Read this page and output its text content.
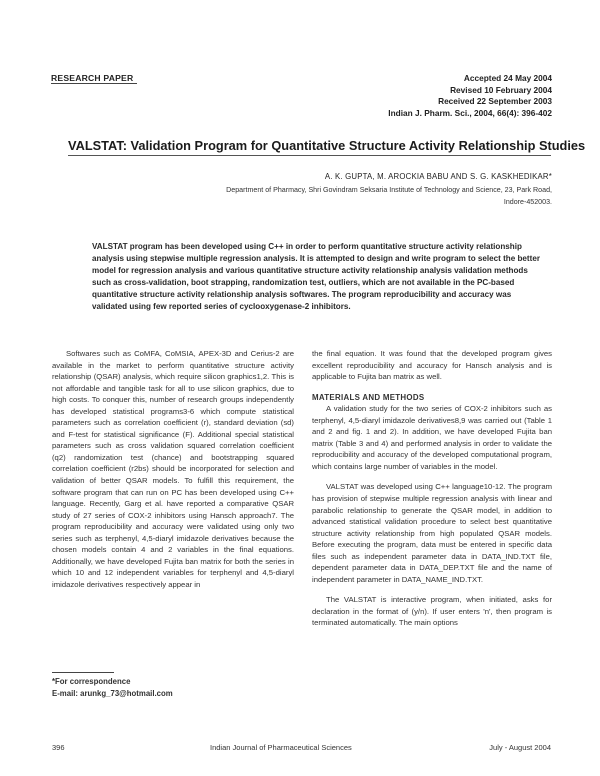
RESEARCH PAPER	Accepted 24 May 2004
Revised 10 February 2004
Received 22 September 2003
Indian J. Pharm. Sci., 2004, 66(4): 396-402
VALSTAT: Validation Program for Quantitative Structure Activity Relationship Studies
A. K. GUPTA, M. AROCKIA BABU AND S. G. KASKHEDIKAR*
Department of Pharmacy, Shri Govindram Seksaria Institute of Technology and Science, 23, Park Road, Indore-452003.
VALSTAT program has been developed using C++ in order to perform quantitative structure activity relationship analysis using stepwise multiple regression analysis. It is attempted to design and write program to select the better model for regression analysis and various quantitative structure activity relationship analysis validation methods such as cross-validation, boot strapping, randomization test, outliers, which are not available in the PC-based quantitative structure activity relationship analysis softwares. The program reproducibility and accuracy was validated using few reported series of cyclooxygenase-2 inhibitors.

Softwares such as CoMFA, CoMSIA, APEX-3D and Cerius-2 are available in the market to perform quantitative structure activity relationship (QSAR) analysis, which require silicon graphics1,2. This is not affordable and tangible task for all to use silicon graphics, due to high costs. To conquer this, number of research groups independently has developed statistical programs3-6 which compute statistical parameters such as correlation coefficient (r), standard deviation (sd) and F-test for statistical significance (F). Additional special statistical parameters such as cross validation squared correlation coefficient (q2) randomization test (chance) and bootstrapping squared correlation coefficient (r2bs) should be incorporated for selection and validation of better QSAR models. To fulfill this requirement, the software program that can run on PC has been developed using C++ language. Recently, Garg et al. have reported a comparative QSAR study of 27 series of COX-2 inhibitors using Hansch approach7. The program reproducibility and accuracy were validated using only two series such as terphenyl, 4,5-diaryl imidazole derivatives because the chosen models contain 4 and 2 variables in the final equations. Additionally, we have developed Fujita ban matrix for both the series in which 10 and 12 independent variables for terphenyl and 4,5-diaryl imidazole derivatives respectively appear in

the final equation. It was found that the developed program gives excellent reproducibility and accuracy for Hansch analysis and is applicable to Fujita ban matrix as well.

MATERIALS AND METHODS

A validation study for the two series of COX-2 inhibitors such as terphenyl, 4,5-diaryl imidazole derivatives8,9 was carried out (Table 1 and 2 and fig. 1 and 2). In addition, we have developed Fujita ban matrix (Table 3 and 4) and performed analysis in order to validate the reproducibility and accuracy of the developed computational program, which contains large number of variables in the model.

VALSTAT was developed using C++ language10-12. The program has provision of stepwise multiple regression analysis with linear and parabolic relationship to generate the QSAR model, in addition to advanced statistical validation procedure to select best quantitative structure activity relationship from high populated QSAR models. Before executing the program, data must be entered in specific data files such as independent parameter data in DATA_IND.TXT file, dependent parameter data in DATA_DEP.TXT file and the name of independent parameter in DATA_NAME_IND.TXT.

The VALSTAT is interactive program, when initiated, asks for declaration in the format of (y/n). If user enters 'n', then program is terminated automatically. The main options

*For correspondence
E-mail: arunkg_73@hotmail.com
396	Indian Journal of Pharmaceutical Sciences	July - August 2004
